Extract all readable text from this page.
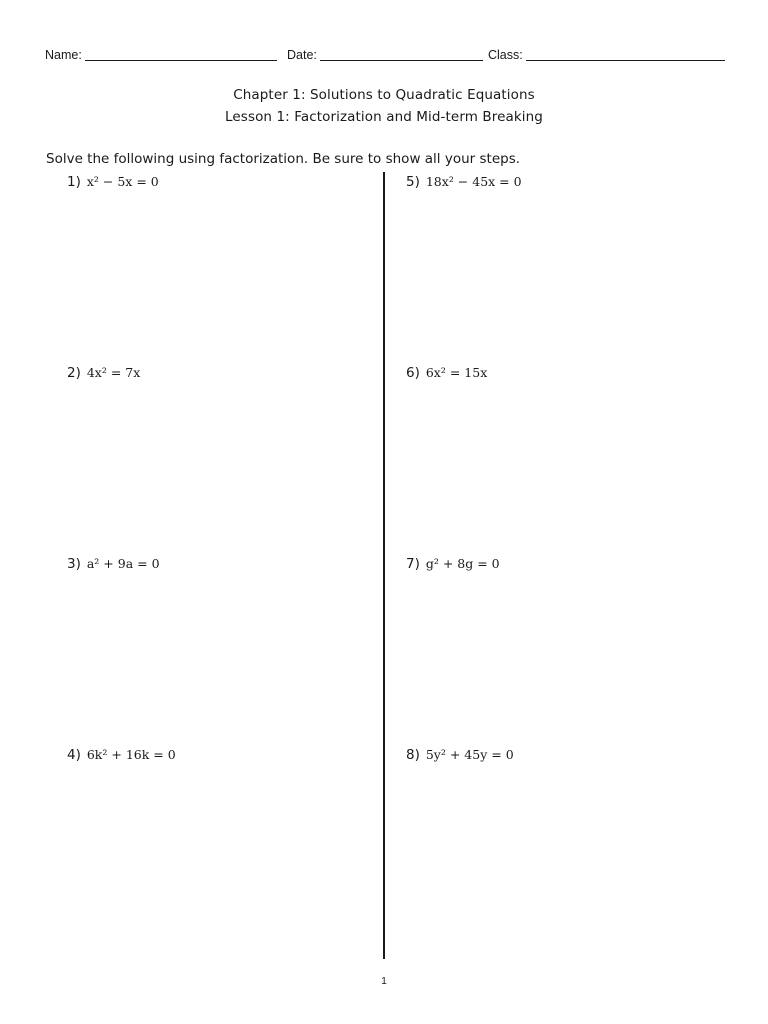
Name:	Date:	Class:
Chapter 1: Solutions to Quadratic Equations
Lesson 1: Factorization and Mid-term Breaking
Solve the following using factorization. Be sure to show all your steps.
1) x² − 5x = 0
2) 4x² = 7x
3) a² + 9a = 0
4) 6k² + 16k = 0
5) 18x² − 45x = 0
6) 6x² = 15x
7) g² + 8g = 0
8) 5y² + 45y = 0
1
